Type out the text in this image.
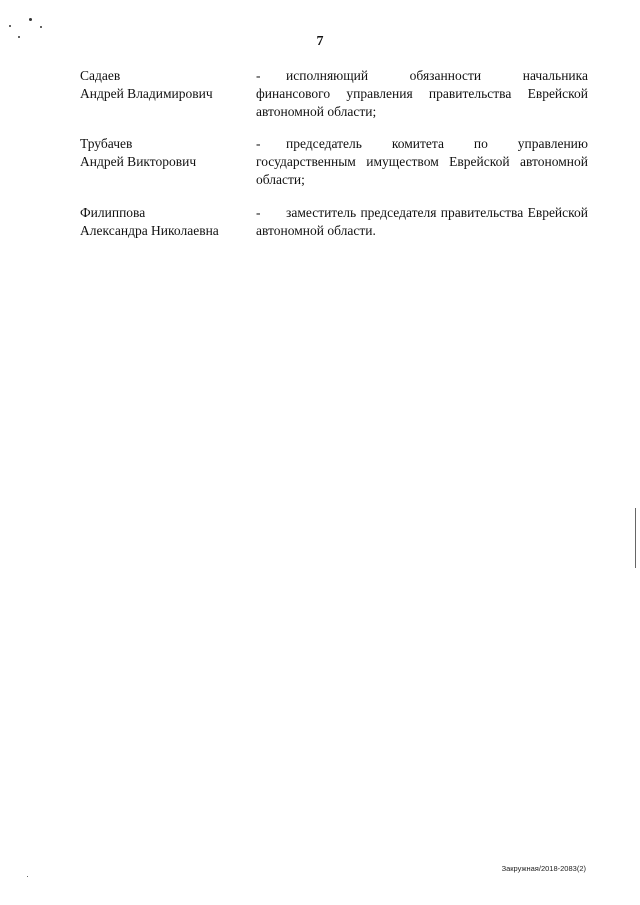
7
Садаев
Андрей Владимирович
-	исполняющий обязанности начальника финансового управления правительства Еврейской автономной области;
Трубачев
Андрей Викторович
-	председатель комитета по управлению государственным имуществом Еврейской автономной области;
Филиппова
Александра Николаевна
-	заместитель председателя правительства Еврейской автономной области.
Закружная/2018-2083(2)
